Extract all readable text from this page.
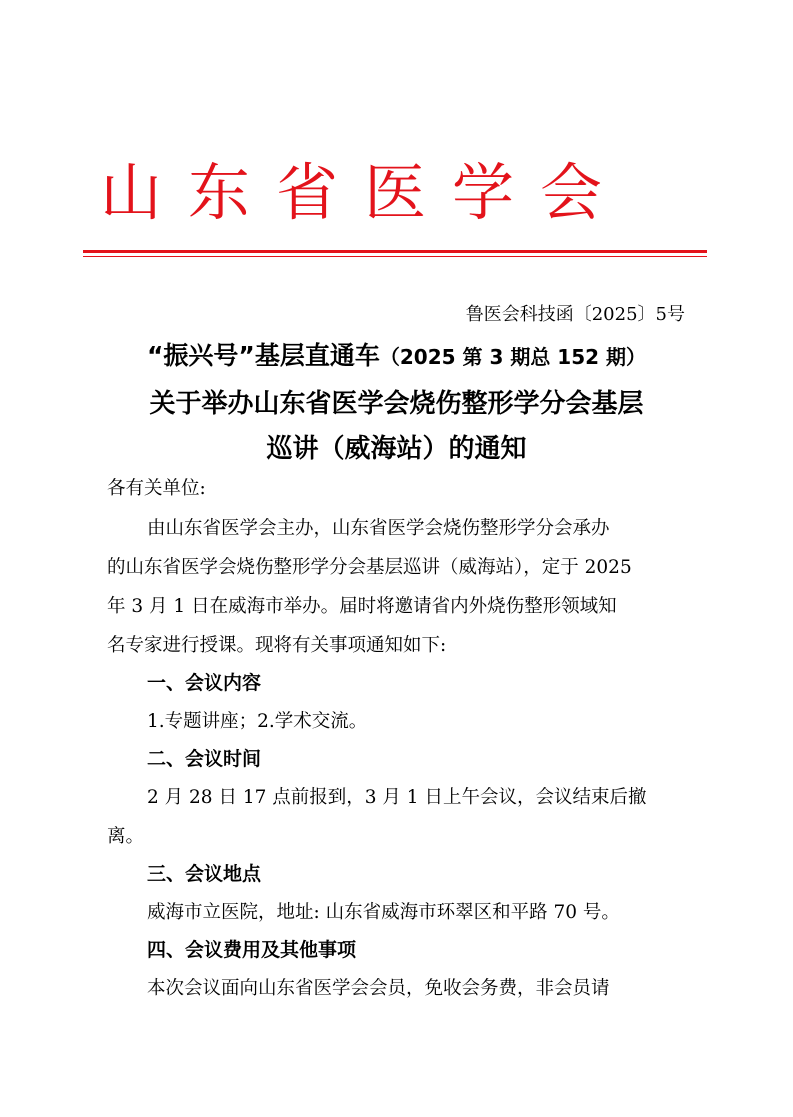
山东省医学会
鲁医会科技函〔2025〕5号
“振兴号”基层直通车（2025 第 3 期总 152 期）
关于举办山东省医学会烧伤整形学分会基层
巡讲（威海站）的通知
各有关单位:
由山东省医学会主办，山东省医学会烧伤整形学分会承办
的山东省医学会烧伤整形学分会基层巡讲（威海站），定于 2025
年 3 月 1 日在威海市举办。届时将邀请省内外烧伤整形领域知
名专家进行授课。现将有关事项通知如下:
一、会议内容
1.专题讲座；2.学术交流。
二、会议时间
2 月 28 日 17 点前报到，3 月 1 日上午会议，会议结束后撤
离。
三、会议地点
威海市立医院，地址: 山东省威海市环翠区和平路 70 号。
四、会议费用及其他事项
本次会议面向山东省医学会会员，免收会务费，非会员请
